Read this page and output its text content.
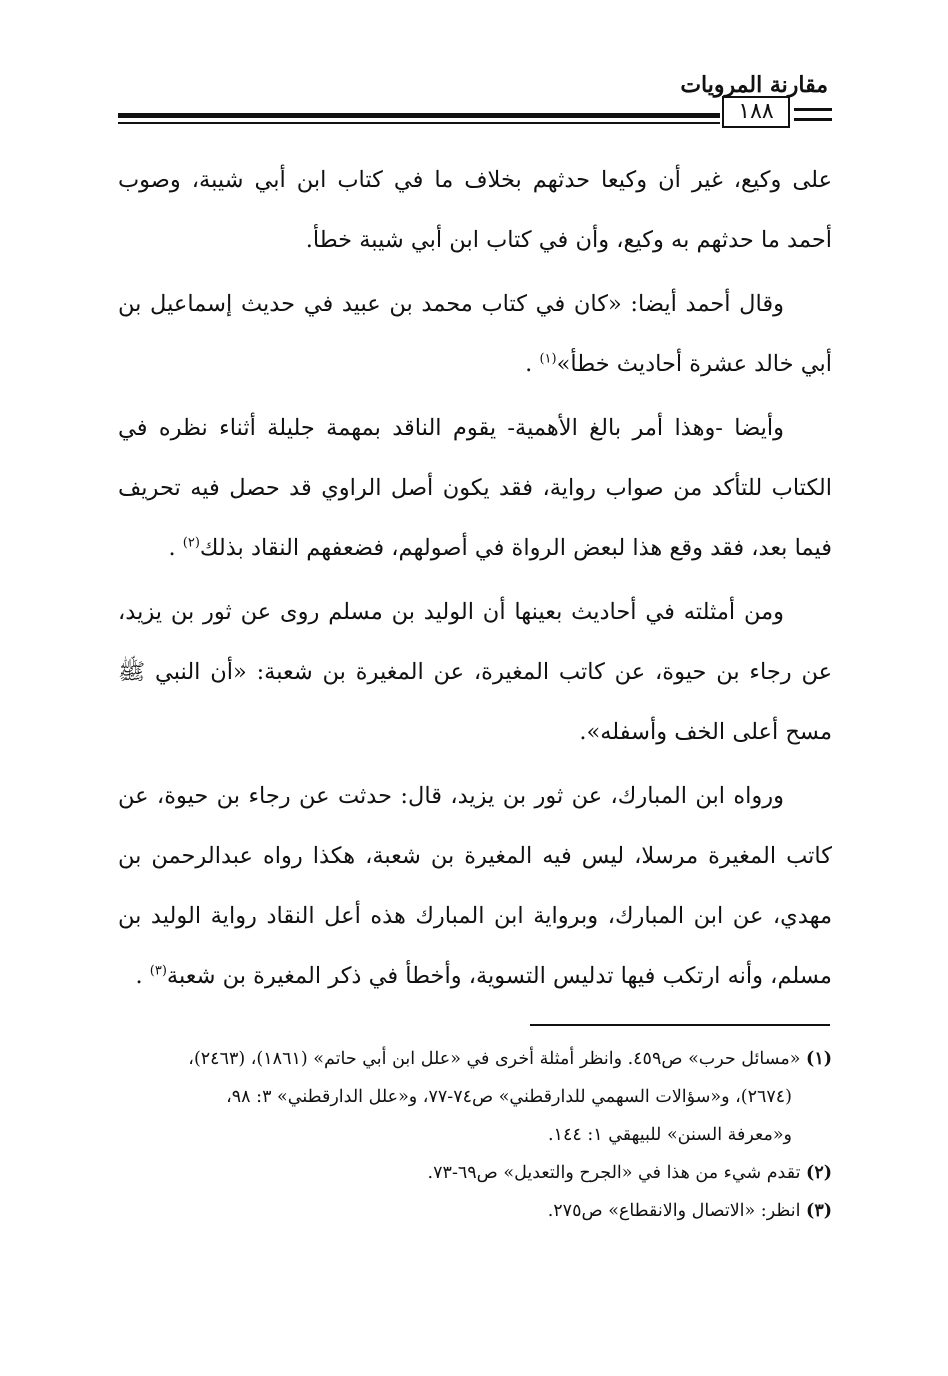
مقارنة المرويات
١٨٨

على وكيع، غير أن وكيعا حدثهم بخلاف ما في كتاب ابن أبي شيبة، وصوب أحمد ما حدثهم به وكيع، وأن في كتاب ابن أبي شيبة خطأ.

وقال أحمد أيضا: «كان في كتاب محمد بن عبيد في حديث إسماعيل بن أبي خالد عشرة أحاديث خطأ»$^{(١)}$ .

وأيضا -وهذا أمر بالغ الأهمية- يقوم الناقد بمهمة جليلة أثناء نظره في الكتاب للتأكد من صواب رواية، فقد يكون أصل الراوي قد حصل فيه تحريف فيما بعد، فقد وقع هذا لبعض الرواة في أصولهم، فضعفهم النقاد بذلك$^{(٢)}$ .

ومن أمثلته في أحاديث بعينها أن الوليد بن مسلم روى عن ثور بن يزيد، عن رجاء بن حيوة، عن كاتب المغيرة، عن المغيرة بن شعبة: «أن النبي ﷺ مسح أعلى الخف وأسفله».

ورواه ابن المبارك، عن ثور بن يزيد، قال: حدثت عن رجاء بن حيوة، عن كاتب المغيرة مرسلا، ليس فيه المغيرة بن شعبة، هكذا رواه عبدالرحمن بن مهدي، عن ابن المبارك، وبرواية ابن المبارك هذه أعل النقاد رواية الوليد بن مسلم، وأنه ارتكب فيها تدليس التسوية، وأخطأ في ذكر المغيرة بن شعبة$^{(٣)}$ .

(١) «مسائل حرب» ص٤٥٩. وانظر أمثلة أخرى في «علل ابن أبي حاتم» (١٨٦١)، (٢٤٦٣)،

(٢٦٧٤)، و«سؤالات السهمي للدارقطني» ص٧٤-٧٧، و«علل الدارقطني» ٣: ٩٨،

و«معرفة السنن» للبيهقي ١: ١٤٤.

(٢) تقدم شيء من هذا في «الجرح والتعديل» ص٦٩-٧٣.

(٣) انظر: «الاتصال والانقطاع» ص٢٧٥.
